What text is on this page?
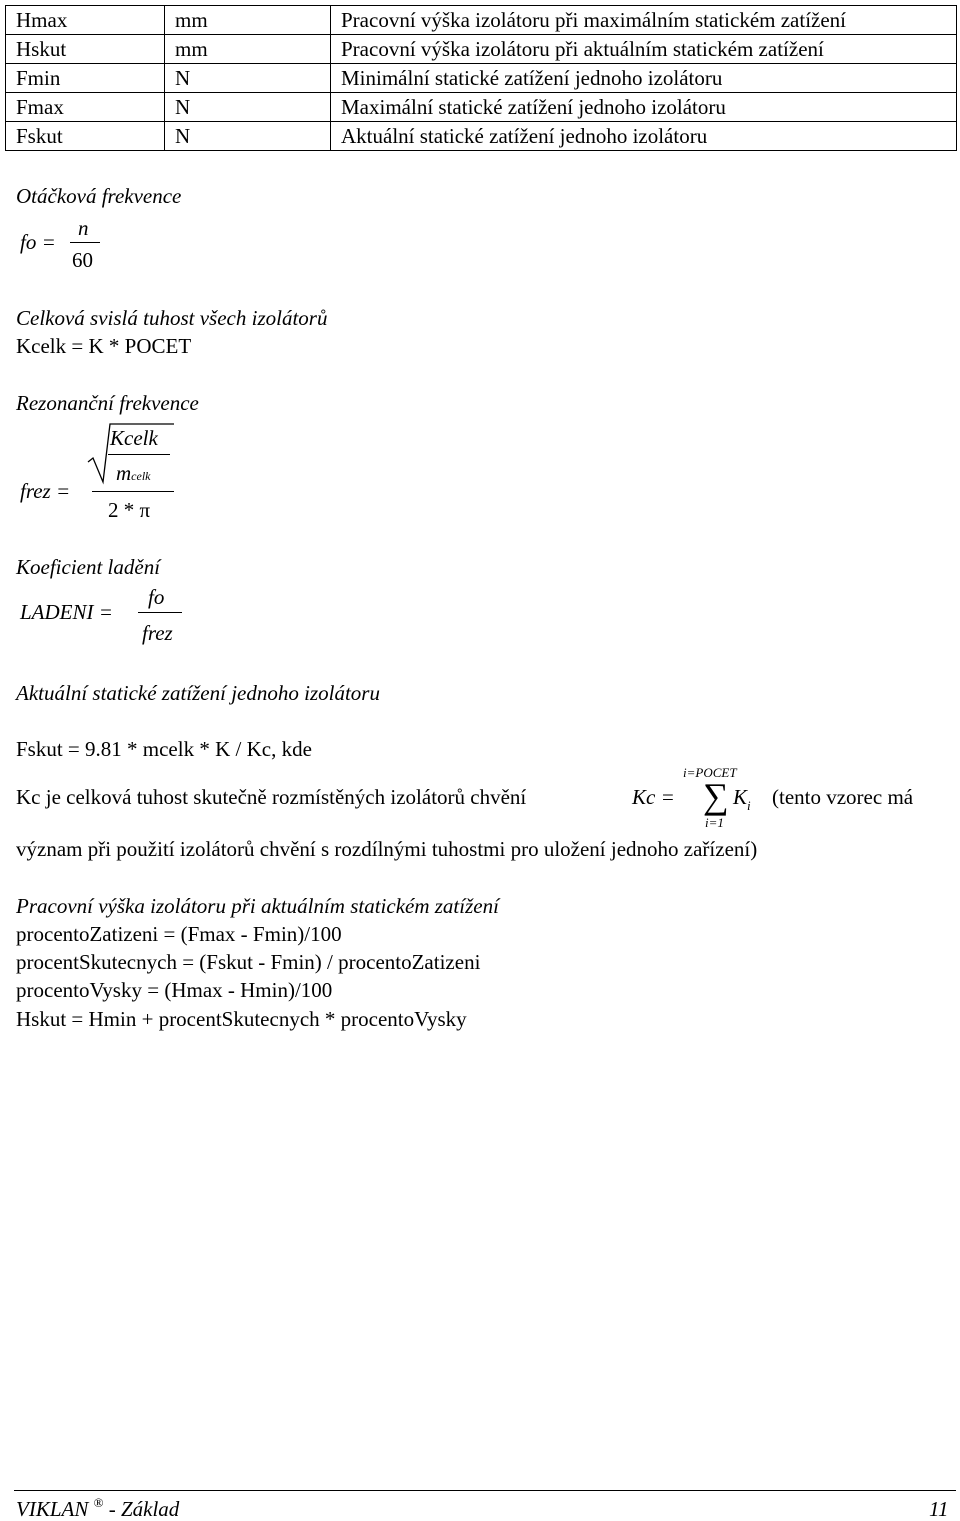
Hmax	mm	Pracovní výška izolátoru při maximálním statickém zatížení
Hskut	mm	Pracovní výška izolátoru při aktuálním statickém zatížení
Fmin	N	Minimální statické zatížení jednoho izolátoru
Fmax	N	Maximální statické zatížení jednoho izolátoru
Fskut	N	Aktuální statické zatížení jednoho izolátoru
Otáčková frekvence
fo =
n
60
Celková svislá tuhost všech izolátorů
Kcelk = K * POCET
Rezonanční frekvence
frez =
Kcelk
mcelk
2 * π
Koeficient ladění
LADENI =
fo
frez
Aktuální statické zatížení jednoho izolátoru
Fskut = 9.81 * mcelk * K / Kc, kde
Kc je celková tuhost skutečně rozmístěných izolátorů chvění	Kc =
i=POCET
∑
i=1
$K_i$ (tento vzorec má
význam při použití izolátorů chvění s rozdílnými tuhostmi pro uložení jednoho zařízení)
Pracovní výška izolátoru při aktuálním statickém zatížení
procentoZatizeni = (Fmax - Fmin)/100
procentSkutecnych = (Fskut - Fmin) / procentoZatizeni
procentoVysky = (Hmax - Hmin)/100
Hskut = Hmin + procentSkutecnych * procentoVysky
VIKLAN ® - Základ	11
